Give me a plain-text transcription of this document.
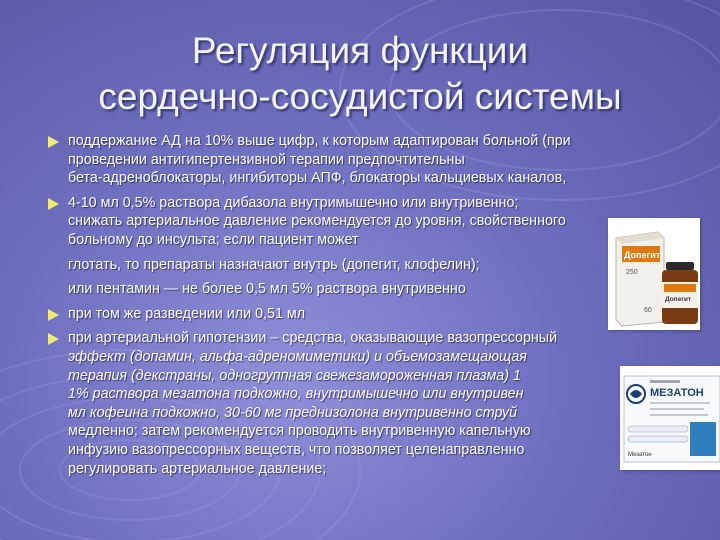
Регуляция функции
сердечно-сосудистой системы
поддержание АД на 10% выше цифр, к которым адаптирован больной (при
проведении антигипертензивной терапии предпочтительны
бета-адреноблокаторы, ингибиторы АПФ, блокаторы кальциевых каналов,
4-10 мл 0,5% раствора дибазола внутримышечно или внутривенно;
снижать артериальное давление рекомендуется до уровня, свойственного
больному до инсульта; если пациент может
глотать, то препараты назначают внутрь (допегит, клофелин);
или пентамин — не более 0,5 мл 5% раствора внутривенно
при том же разведении или 0,51 мл
при артериальной гипотензии – средства, оказывающие вазопрессорный
эффект (допамин, альфа-адреномиметики) и объемозамещающая
терапия (декстраны, одногруппная свежезамороженная плазма) 1
1% раствора мезатона подкожно, внутримышечно или внутривен
мл кофеина подкожно, 30-60 мг преднизолона внутривенно струй
медленно; затем рекомендуется проводить внутривенную капельную
инфузию вазопрессорных веществ, что позволяет целенаправленно
регулировать артериальное давление;
Допегит
250
60
Допегит
МЕЗАТОН
Мезатон
